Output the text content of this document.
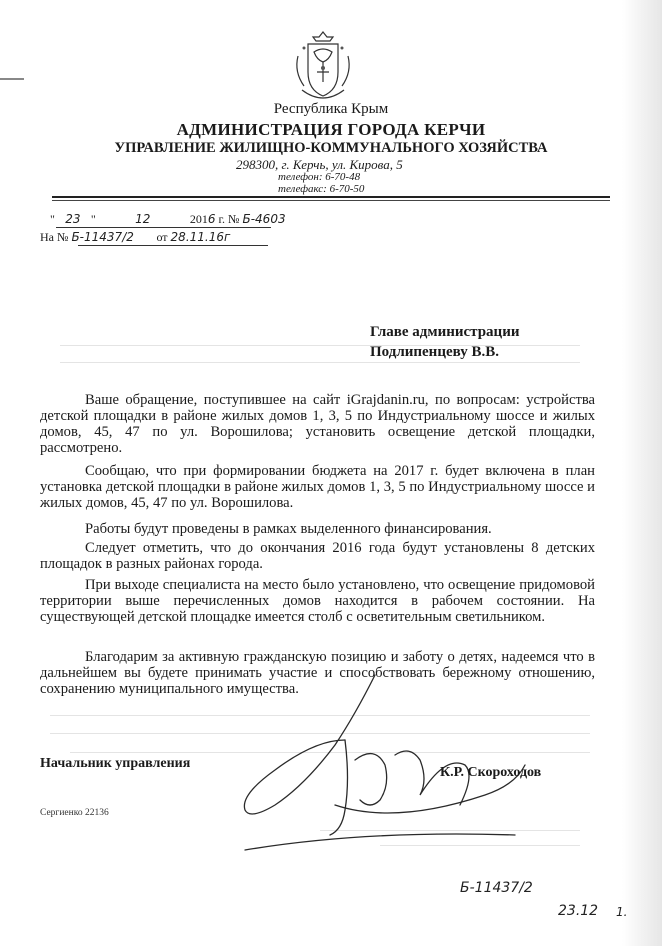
Республика Крым
АДМИНИСТРАЦИЯ ГОРОДА КЕРЧИ
УПРАВЛЕНИЕ ЖИЛИЩНО-КОММУНАЛЬНОГО ХОЗЯЙСТВА
298300, г. Керчь, ул. Кирова, 5
телефон: 6-70-48
телефакс: 6-70-50
" 23 "	12	2016 г. № Б-4603
На № Б-11437/2 от 28.11.16г
Главе администрации
Подлипенцеву В.В.
Ваше обращение, поступившее на сайт iGrajdanin.ru, по вопросам: устройства детской площадки в районе жилых домов 1, 3, 5 по Индустриальному шоссе и жилых домов, 45, 47 по ул. Ворошилова; установить освещение детской площадки, рассмотрено.
Сообщаю, что при формировании бюджета на 2017 г. будет включена в план установка детской площадки в районе жилых домов 1, 3, 5 по Индустриальному шоссе и жилых домов, 45, 47 по ул. Ворошилова.
Работы будут проведены в рамках выделенного финансирования.
Следует отметить, что до окончания 2016 года будут установлены 8 детских площадок в разных районах города.
При выходе специалиста на место было установлено, что освещение придомовой территории выше перечисленных домов находится в рабочем состоянии. На существующей детской площадке имеется столб с осветительным светильником.
Благодарим за активную гражданскую позицию и заботу о детях, надеемся что в дальнейшем вы будете принимать участие и способствовать бережному отношению, сохранению муниципального имущества.
Начальник управления
К.Р. Скороходов
Сергиенко 22136
Б-11437/2
23.12 1.
